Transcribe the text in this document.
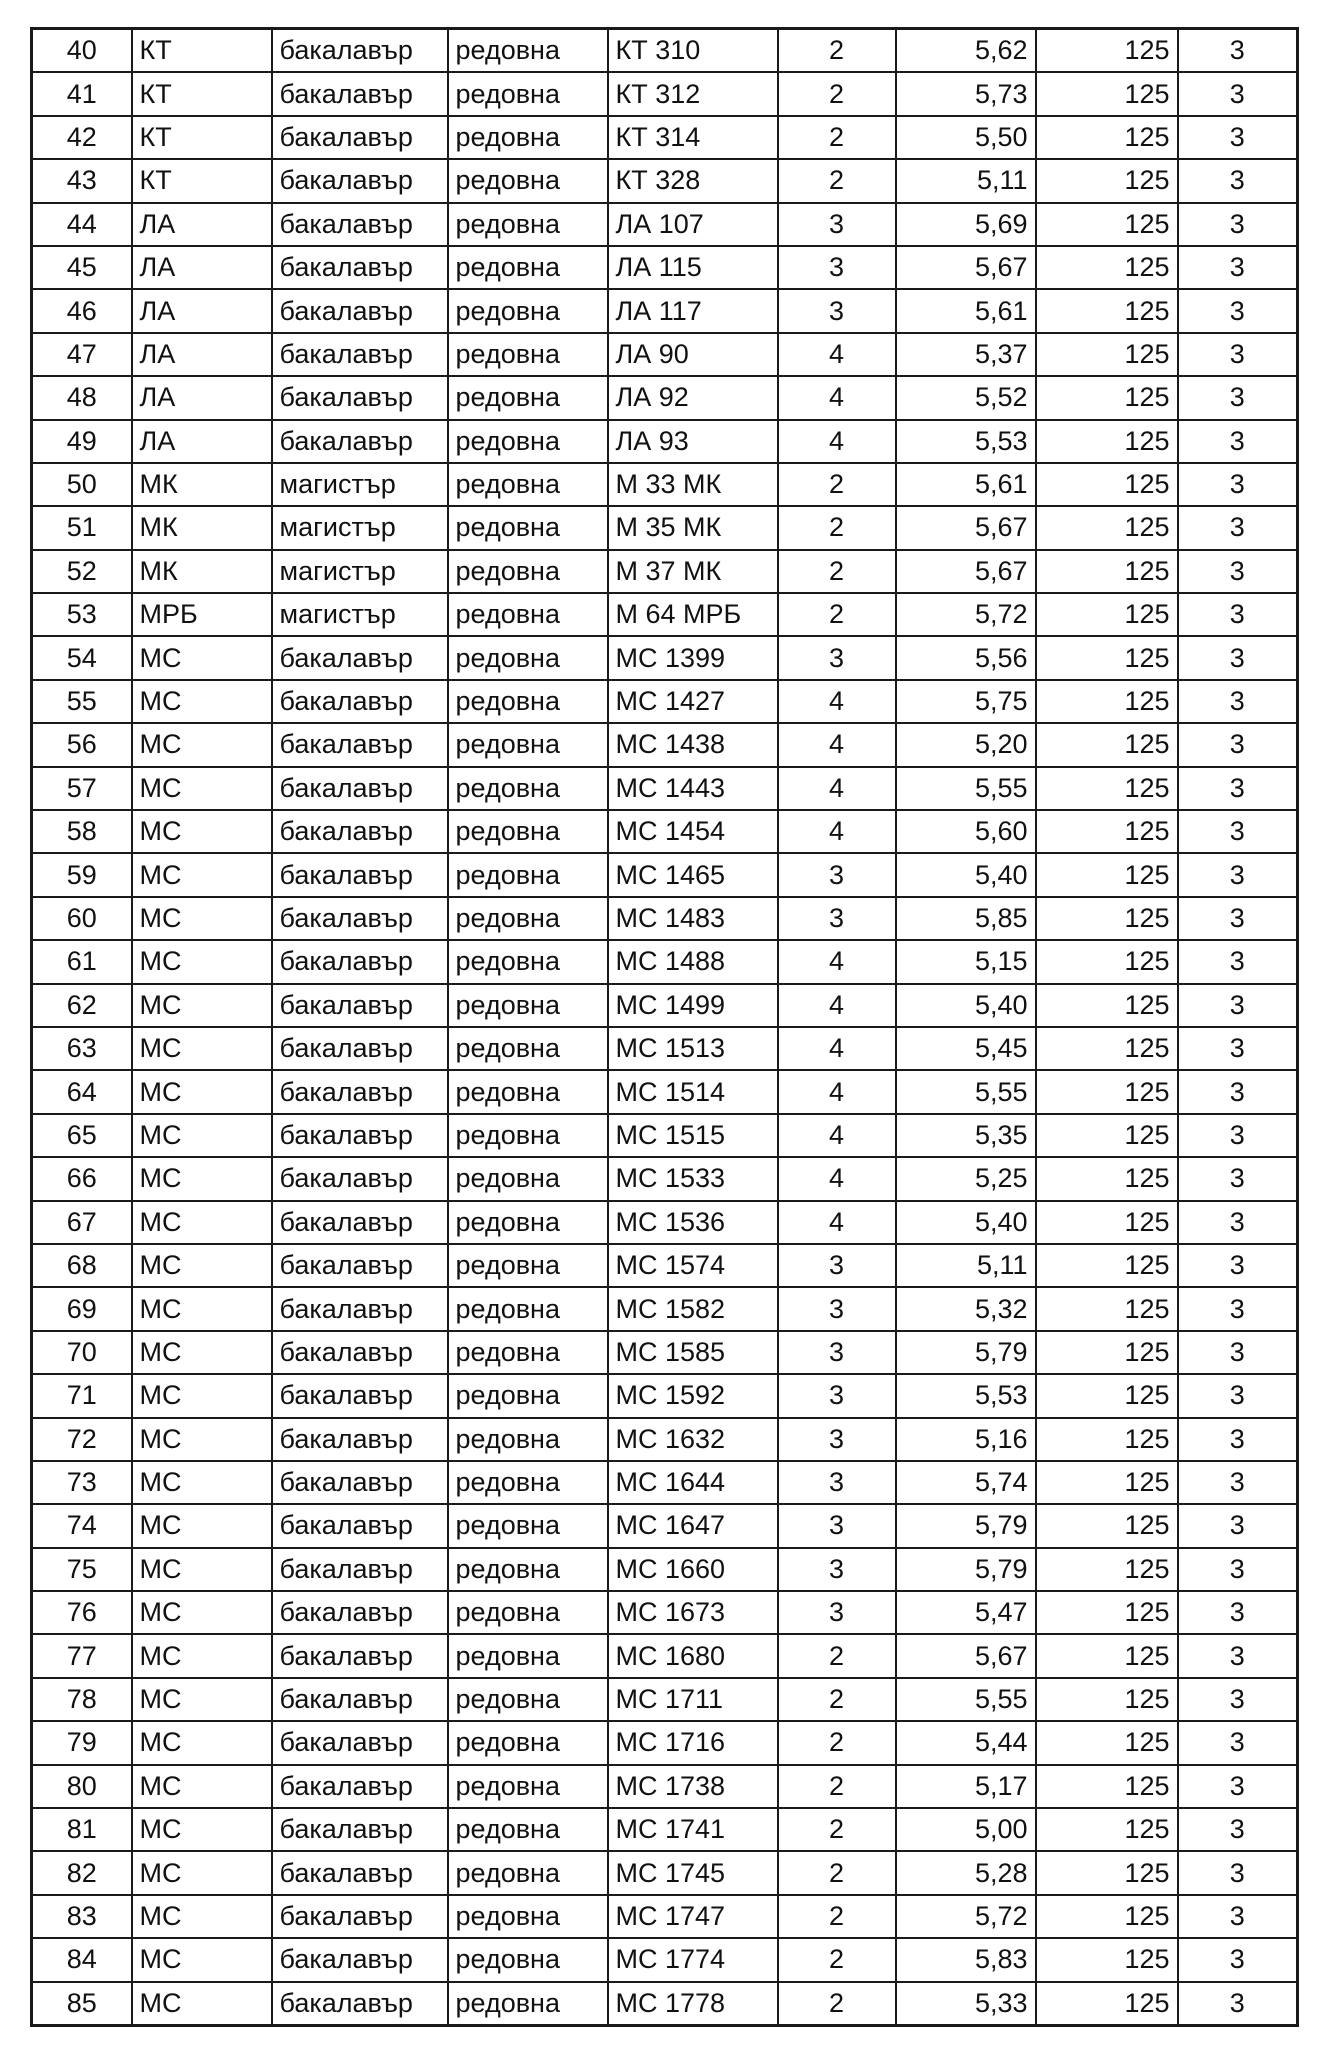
40	КТ	бакалавър	редовна	КТ 310	2	5,62	125	3
41	КТ	бакалавър	редовна	КТ 312	2	5,73	125	3
42	КТ	бакалавър	редовна	КТ 314	2	5,50	125	3
43	КТ	бакалавър	редовна	КТ 328	2	5,11	125	3
44	ЛА	бакалавър	редовна	ЛА 107	3	5,69	125	3
45	ЛА	бакалавър	редовна	ЛА 115	3	5,67	125	3
46	ЛА	бакалавър	редовна	ЛА 117	3	5,61	125	3
47	ЛА	бакалавър	редовна	ЛА 90	4	5,37	125	3
48	ЛА	бакалавър	редовна	ЛА 92	4	5,52	125	3
49	ЛА	бакалавър	редовна	ЛА 93	4	5,53	125	3
50	МК	магистър	редовна	М 33 МК	2	5,61	125	3
51	МК	магистър	редовна	М 35 МК	2	5,67	125	3
52	МК	магистър	редовна	М 37 МК	2	5,67	125	3
53	МРБ	магистър	редовна	М 64 МРБ	2	5,72	125	3
54	МС	бакалавър	редовна	МС 1399	3	5,56	125	3
55	МС	бакалавър	редовна	МС 1427	4	5,75	125	3
56	МС	бакалавър	редовна	МС 1438	4	5,20	125	3
57	МС	бакалавър	редовна	МС 1443	4	5,55	125	3
58	МС	бакалавър	редовна	МС 1454	4	5,60	125	3
59	МС	бакалавър	редовна	МС 1465	3	5,40	125	3
60	МС	бакалавър	редовна	МС 1483	3	5,85	125	3
61	МС	бакалавър	редовна	МС 1488	4	5,15	125	3
62	МС	бакалавър	редовна	МС 1499	4	5,40	125	3
63	МС	бакалавър	редовна	МС 1513	4	5,45	125	3
64	МС	бакалавър	редовна	МС 1514	4	5,55	125	3
65	МС	бакалавър	редовна	МС 1515	4	5,35	125	3
66	МС	бакалавър	редовна	МС 1533	4	5,25	125	3
67	МС	бакалавър	редовна	МС 1536	4	5,40	125	3
68	МС	бакалавър	редовна	МС 1574	3	5,11	125	3
69	МС	бакалавър	редовна	МС 1582	3	5,32	125	3
70	МС	бакалавър	редовна	МС 1585	3	5,79	125	3
71	МС	бакалавър	редовна	МС 1592	3	5,53	125	3
72	МС	бакалавър	редовна	МС 1632	3	5,16	125	3
73	МС	бакалавър	редовна	МС 1644	3	5,74	125	3
74	МС	бакалавър	редовна	МС 1647	3	5,79	125	3
75	МС	бакалавър	редовна	МС 1660	3	5,79	125	3
76	МС	бакалавър	редовна	МС 1673	3	5,47	125	3
77	МС	бакалавър	редовна	МС 1680	2	5,67	125	3
78	МС	бакалавър	редовна	МС 1711	2	5,55	125	3
79	МС	бакалавър	редовна	МС 1716	2	5,44	125	3
80	МС	бакалавър	редовна	МС 1738	2	5,17	125	3
81	МС	бакалавър	редовна	МС 1741	2	5,00	125	3
82	МС	бакалавър	редовна	МС 1745	2	5,28	125	3
83	МС	бакалавър	редовна	МС 1747	2	5,72	125	3
84	МС	бакалавър	редовна	МС 1774	2	5,83	125	3
85	МС	бакалавър	редовна	МС 1778	2	5,33	125	3
